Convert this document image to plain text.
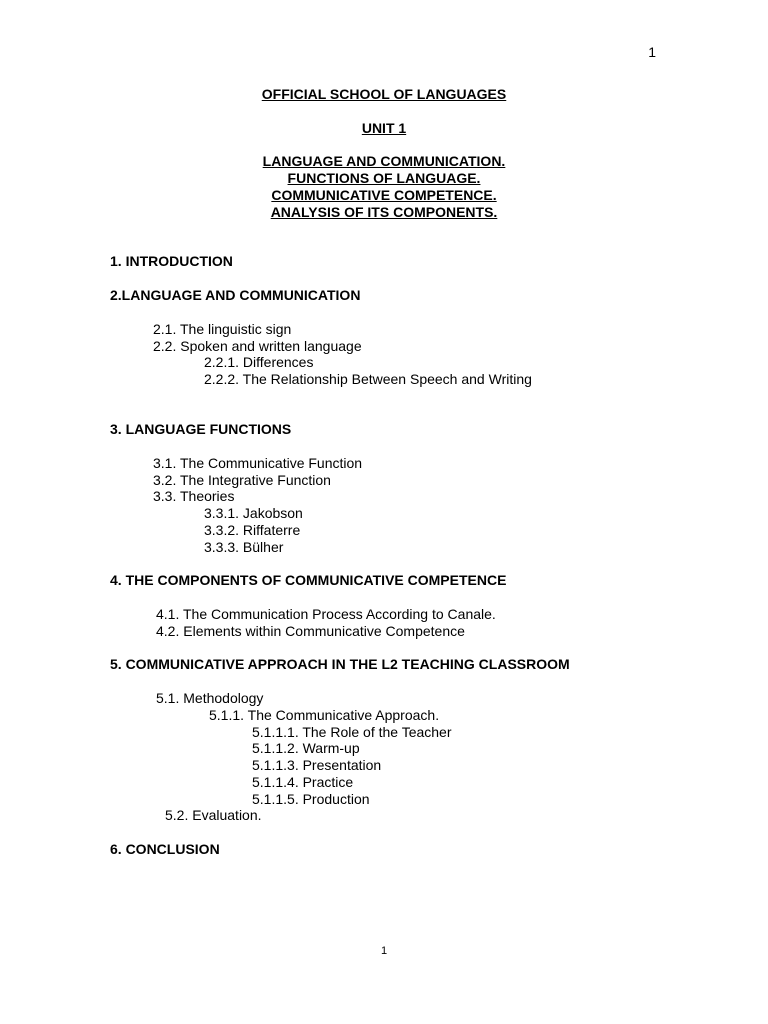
1
OFFICIAL SCHOOL OF LANGUAGES
UNIT 1
LANGUAGE AND COMMUNICATION.
FUNCTIONS OF LANGUAGE.
COMMUNICATIVE COMPETENCE.
ANALYSIS OF ITS COMPONENTS.
1. INTRODUCTION
2.LANGUAGE AND COMMUNICATION
2.1. The linguistic sign
2.2. Spoken and written language
2.2.1. Differences
2.2.2. The Relationship Between Speech and Writing
3. LANGUAGE FUNCTIONS
3.1. The Communicative Function
3.2. The Integrative Function
3.3. Theories
3.3.1. Jakobson
3.3.2. Riffaterre
3.3.3. Bülher
4. THE COMPONENTS OF COMMUNICATIVE COMPETENCE
4.1. The Communication Process According to Canale.
4.2. Elements within Communicative Competence
5. COMMUNICATIVE APPROACH IN THE L2 TEACHING CLASSROOM
5.1. Methodology
5.1.1. The Communicative Approach.
5.1.1.1. The Role of the Teacher
5.1.1.2. Warm-up
5.1.1.3. Presentation
5.1.1.4. Practice
5.1.1.5. Production
5.2. Evaluation.
6. CONCLUSION
1
